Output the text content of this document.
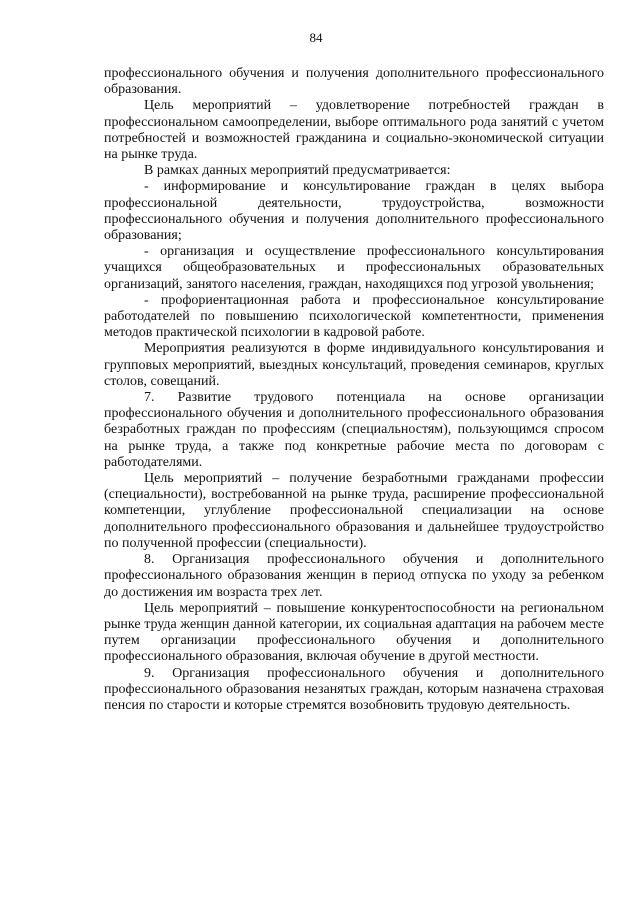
84

профессионального обучения и получения дополнительного профессионального образования.

Цель мероприятий – удовлетворение потребностей граждан в профессиональном самоопределении, выборе оптимального рода занятий с учетом потребностей и возможностей гражданина и социально-экономической ситуации на рынке труда.

В рамках данных мероприятий предусматривается:

- информирование и консультирование граждан в целях выбора профессиональной деятельности, трудоустройства, возможности профессионального обучения и получения дополнительного профессионального образования;

- организация и осуществление профессионального консультирования учащихся общеобразовательных и профессиональных образовательных организаций, занятого населения, граждан, находящихся под угрозой увольнения;

- профориентационная работа и профессиональное консультирование работодателей по повышению психологической компетентности, применения методов практической психологии в кадровой работе.

Мероприятия реализуются в форме индивидуального консультирования и групповых мероприятий, выездных консультаций, проведения семинаров, круглых столов, совещаний.

7. Развитие трудового потенциала на основе организации профессионального обучения и дополнительного профессионального образования безработных граждан по профессиям (специальностям), пользующимся спросом на рынке труда, а также под конкретные рабочие места по договорам с работодателями.

Цель мероприятий – получение безработными гражданами профессии (специальности), востребованной на рынке труда, расширение профессиональной компетенции, углубление профессиональной специализации на основе дополнительного профессионального образования и дальнейшее трудоустройство по полученной профессии (специальности).

8. Организация профессионального обучения и дополнительного профессионального образования женщин в период отпуска по уходу за ребенком до достижения им возраста трех лет.

Цель мероприятий – повышение конкурентоспособности на региональном рынке труда женщин данной категории, их социальная адаптация на рабочем месте путем организации профессионального обучения и дополнительного профессионального образования, включая обучение в другой местности.

9. Организация профессионального обучения и дополнительного профессионального образования незанятых граждан, которым назначена страховая пенсия по старости и которые стремятся возобновить трудовую деятельность.
